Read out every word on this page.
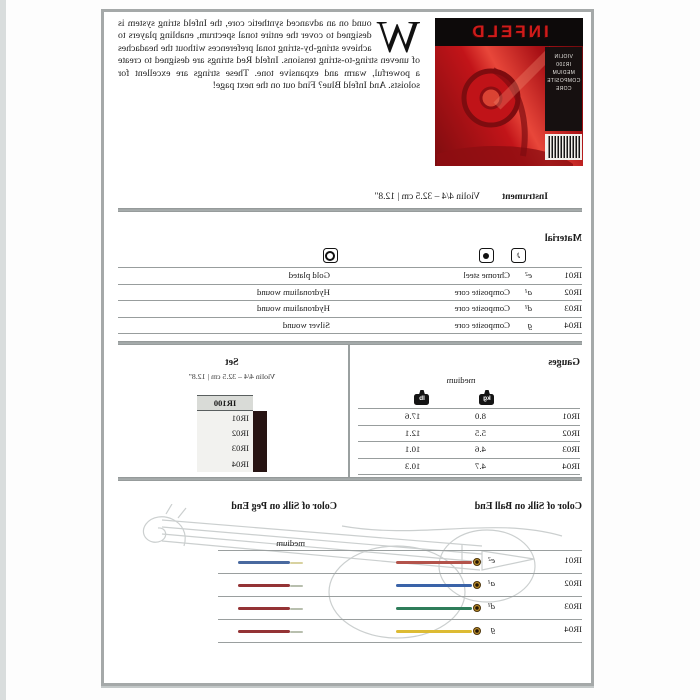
INFELD
VIOLIN
IR100
MEDIUM
COMPOSITE
CORE
W
ound on an advanced synthetic core, the Infeld string system is designed to cover the entire tonal spectrum, enabling players to achieve string-by-string tonal preferences without the headaches of uneven string-to-string tensions. Infeld Red strings are designed to create a powerful, warm and expansive tone. These strings are excellent for soloists. And Infeld Blue? Find out on the next page!
Instrument
Violin 4/4 – 32.5 cm | 12.8"
Material
♪
IR01
e²
Chrome steel
Gold plated
IR02
a¹
Composite core
Hydronalium wound
IR03
d¹
Composite core
Hydronalium wound
IR04
g
Composite core
Silver wound
Gauges
medium
kg
lb
IR01
8.0
17.6
IR02
5.5
12.1
IR03
4.6
10.1
IR04
4.7
10.3
Set
Violin 4/4 – 32.5 cm | 12.8"
IR100
IR01
IR02
IR03
IR04
Color of Silk on Ball End
Color of Silk on Peg End
medium
IR01
e²
IR02
a¹
IR03
d¹
IR04
g
